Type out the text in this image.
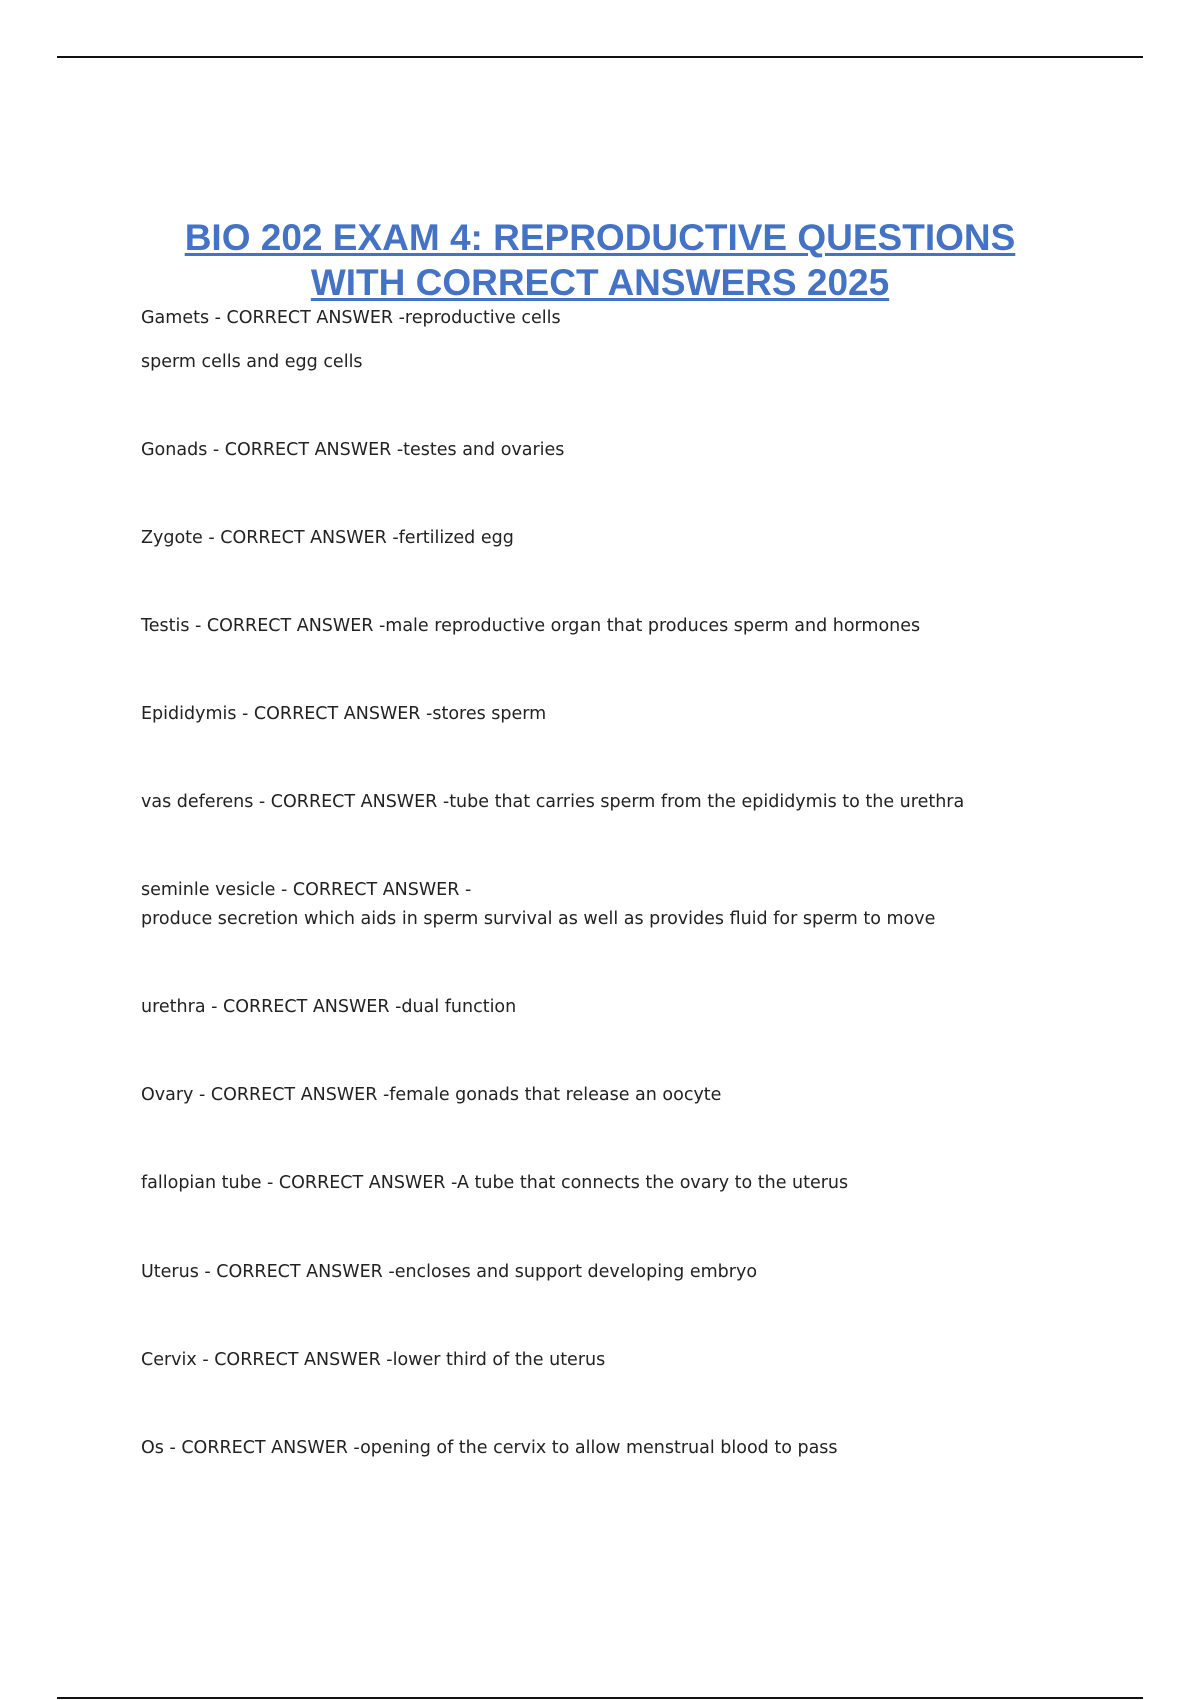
BIO 202 EXAM 4: REPRODUCTIVE QUESTIONS
WITH CORRECT ANSWERS 2025
Gamets - CORRECT ANSWER -reproductive cells
sperm cells and egg cells
Gonads - CORRECT ANSWER -testes and ovaries
Zygote - CORRECT ANSWER -fertilized egg
Testis - CORRECT ANSWER -male reproductive organ that produces sperm and hormones
Epididymis - CORRECT ANSWER -stores sperm
vas deferens - CORRECT ANSWER -tube that carries sperm from the epididymis to the urethra
seminle vesicle - CORRECT ANSWER -
produce secretion which aids in sperm survival as well as provides fluid for sperm to move
urethra - CORRECT ANSWER -dual function
Ovary - CORRECT ANSWER -female gonads that release an oocyte
fallopian tube - CORRECT ANSWER -A tube that connects the ovary to the uterus
Uterus - CORRECT ANSWER -encloses and support developing embryo
Cervix - CORRECT ANSWER -lower third of the uterus
Os - CORRECT ANSWER -opening of the cervix to allow menstrual blood to pass
